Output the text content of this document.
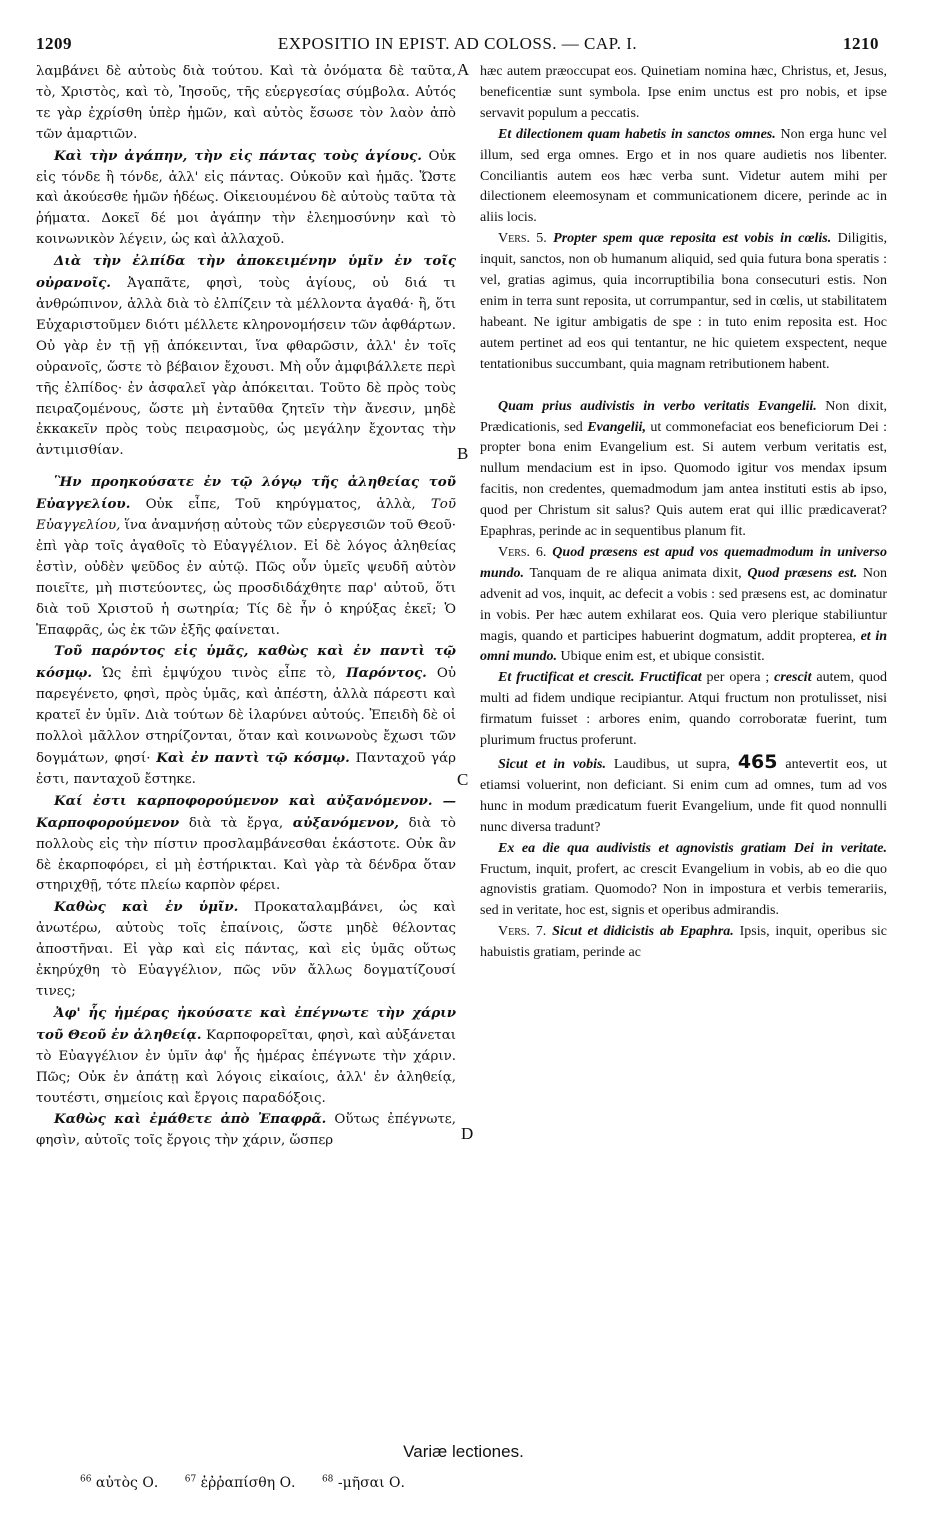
1209	EXPOSITIO IN EPIST. AD COLOSS. — CAP. I.	1210

λαμβάνει δὲ αὐτοὺς διὰ τούτου. Καὶ τὰ ὀνόματα δὲ ταῦτα, τὸ, Χριστὸς, καὶ τὸ, Ἰησοῦς, τῆς εὐεργεσίας σύμβολα. Αὐτός τε γὰρ ἐχρίσθη ὑπὲρ ἡμῶν, καὶ αὐτὸς ἔσωσε τὸν λαὸν ἀπὸ τῶν ἁμαρτιῶν.

Καὶ τὴν ἀγάπην, τὴν εἰς πάντας τοὺς ἁγίους. Οὐκ εἰς τόνδε ἢ τόνδε, ἀλλ' εἰς πάντας. Οὐκοῦν καὶ ἡμᾶς. Ὥστε καὶ ἀκούεσθε ἡμῶν ἡδέως. Οἰκειουμένου δὲ αὐτοὺς ταῦτα τὰ ῥήματα. Δοκεῖ δέ μοι ἀγάπην τὴν ἐλεημοσύνην καὶ τὸ κοινωνικὸν λέγειν, ὡς καὶ ἀλλαχοῦ.

Διὰ τὴν ἐλπίδα τὴν ἀποκειμένην ὑμῖν ἐν τοῖς οὐρανοῖς. Ἀγαπᾶτε, φησὶ, τοὺς ἁγίους, οὐ διά τι ἀνθρώπινον, ἀλλὰ διὰ τὸ ἐλπίζειν τὰ μέλλοντα ἀγαθά· ἢ, ὅτι Εὐχαριστοῦμεν διότι μέλλετε κληρονομήσειν τῶν ἀφθάρτων. Οὐ γὰρ ἐν τῇ γῇ ἀπόκεινται, ἵνα φθαρῶσιν, ἀλλ' ἐν τοῖς οὐρανοῖς, ὥστε τὸ βέβαιον ἔχουσι. Μὴ οὖν ἀμφιβάλλετε περὶ τῆς ἐλπίδος· ἐν ἀσφαλεῖ γὰρ ἀπόκειται. Τοῦτο δὲ πρὸς τοὺς πειραζομένους, ὥστε μὴ ἐνταῦθα ζητεῖν τὴν ἄνεσιν, μηδὲ ἐκκακεῖν πρὸς τοὺς πειρασμοὺς, ὡς μεγάλην ἔχοντας τὴν ἀντιμισθίαν.

Ἣν προηκούσατε ἐν τῷ λόγῳ τῆς ἀληθείας τοῦ Εὐαγγελίου. Οὐκ εἶπε, Τοῦ κηρύγματος, ἀλλὰ, Τοῦ Εὐαγγελίου, ἵνα ἀναμνήσῃ αὐτοὺς τῶν εὐεργεσιῶν τοῦ Θεοῦ· ἐπὶ γὰρ τοῖς ἀγαθοῖς τὸ Εὐαγγέλιον. Εἰ δὲ λόγος ἀληθείας ἐστὶν, οὐδὲν ψεῦδος ἐν αὐτῷ. Πῶς οὖν ὑμεῖς ψευδῆ αὐτὸν ποιεῖτε, μὴ πιστεύοντες, ὡς προσδιδάχθητε παρ' αὐτοῦ, ὅτι διὰ τοῦ Χριστοῦ ἡ σωτηρία; Τίς δὲ ἦν ὁ κηρύξας ἐκεῖ; Ὁ Ἐπαφρᾶς, ὡς ἐκ τῶν ἑξῆς φαίνεται.

Τοῦ παρόντος εἰς ὑμᾶς, καθὼς καὶ ἐν παντὶ τῷ κόσμῳ. Ὡς ἐπὶ ἐμψύχου τινὸς εἶπε τὸ, Παρόντος. Οὐ παρεγένετο, φησὶ, πρὸς ὑμᾶς, καὶ ἀπέστη, ἀλλὰ πάρεστι καὶ κρατεῖ ἐν ὑμῖν. Διὰ τούτων δὲ ἱλαρύνει αὐτούς. Ἐπειδὴ δὲ οἱ πολλοὶ μᾶλλον στηρίζονται, ὅταν καὶ κοινωνοὺς ἔχωσι τῶν δογμάτων, φησί· Καὶ ἐν παντὶ τῷ κόσμῳ. Πανταχοῦ γάρ ἐστι, πανταχοῦ ἔστηκε.

Καί ἐστι καρποφορούμενον καὶ αὐξανόμενον. —Καρποφορούμενον διὰ τὰ ἔργα, αὐξανόμενον, διὰ τὸ πολλοὺς εἰς τὴν πίστιν προσλαμβάνεσθαι ἑκάστοτε. Οὐκ ἂν δὲ ἐκαρποφόρει, εἰ μὴ ἐστήρικται. Καὶ γὰρ τὰ δένδρα ὅταν στηριχθῇ, τότε πλείω καρπὸν φέρει.

Καθὼς καὶ ἐν ὑμῖν. Προκαταλαμβάνει, ὡς καὶ ἀνωτέρω, αὐτοὺς τοῖς ἐπαίνοις, ὥστε μηδὲ θέλοντας ἀποστῆναι. Εἰ γὰρ καὶ εἰς πάντας, καὶ εἰς ὑμᾶς οὕτως ἐκηρύχθη τὸ Εὐαγγέλιον, πῶς νῦν ἄλλως δογματίζουσί τινες;

Ἀφ' ἧς ἡμέρας ἠκούσατε καὶ ἐπέγνωτε τὴν χάριν τοῦ Θεοῦ ἐν ἀληθείᾳ. Καρποφορεῖται, φησὶ, καὶ αὐξάνεται τὸ Εὐαγγέλιον ἐν ὑμῖν ἀφ' ἧς ἡμέρας ἐπέγνωτε τὴν χάριν. Πῶς; Οὐκ ἐν ἀπάτῃ καὶ λόγοις εἰκαίοις, ἀλλ' ἐν ἀληθείᾳ, τουτέστι, σημείοις καὶ ἔργοις παραδόξοις.

Καθὼς καὶ ἐμάθετε ἀπὸ Ἐπαφρᾶ. Οὕτως ἐπέγνωτε, φησὶν, αὐτοῖς τοῖς ἔργοις τὴν χάριν, ὥσπερ

A
B
C
D

hæc autem præoccupat eos. Quinetiam nomina hæc, Christus, et, Jesus, beneficentiæ sunt symbola. Ipse enim unctus est pro nobis, et ipse servavit populum a peccatis.

Et dilectionem quam habetis in sanctos omnes. Non erga hunc vel illum, sed erga omnes. Ergo et in nos quare audietis nos libenter. Conciliantis autem eos hæc verba sunt. Videtur autem mihi per dilectionem eleemosynam et communicationem dicere, perinde ac in aliis locis.

Vers. 5. Propter spem quæ reposita est vobis in cœlis. Diligitis, inquit, sanctos, non ob humanum aliquid, sed quia futura bona speratis : vel, gratias agimus, quia incorruptibilia bona consecuturi estis. Non enim in terra sunt reposita, ut corrumpantur, sed in cœlis, ut stabilitatem habeant. Ne igitur ambigatis de spe : in tuto enim reposita est. Hoc autem pertinet ad eos qui tentantur, ne hic quietem exspectent, neque tentationibus succumbant, quia magnam retributionem habent.

Quam prius audivistis in verbo veritatis Evangelii. Non dixit, Prædicationis, sed Evangelii, ut commonefaciat eos beneficiorum Dei : propter bona enim Evangelium est. Si autem verbum veritatis est, nullum mendacium est in ipso. Quomodo igitur vos mendax ipsum facitis, non credentes, quemadmodum jam antea instituti estis ab ipso, quod per Christum sit salus? Quis autem erat qui illic prædicaverat? Epaphras, perinde ac in sequentibus planum fit.

Vers. 6. Quod præsens est apud vos quemadmodum in universo mundo. Tanquam de re aliqua animata dixit, Quod præsens est. Non advenit ad vos, inquit, ac defecit a vobis : sed præsens est, ac dominatur in vobis. Per hæc autem exhilarat eos. Quia vero plerique stabiliuntur magis, quando et participes habuerint dogmatum, addit propterea, et in omni mundo. Ubique enim est, et ubique consistit.

Et fructificat et crescit. Fructificat per opera ; crescit autem, quod multi ad fidem undique recipiantur. Atqui fructum non protulisset, nisi firmatum fuisset : arbores enim, quando corroboratæ fuerint, tum plurimum fructus proferunt.

Sicut et in vobis. Laudibus, ut supra, 465 antevertit eos, ut etiamsi voluerint, non deficiant. Si enim cum ad omnes, tum ad vos hunc in modum prædicatum fuerit Evangelium, unde fit quod nonnulli nunc diversa tradunt?

Ex ea die qua audivistis et agnovistis gratiam Dei in veritate. Fructum, inquit, profert, ac crescit Evangelium in vobis, ab eo die quo agnovistis gratiam. Quomodo? Non in impostura et verbis temerariis, sed in veritate, hoc est, signis et operibus admirandis.

Vers. 7. Sicut et didicistis ab Epaphra. Ipsis, inquit, operibus sic habuistis gratiam, perinde ac

Variæ lectiones.
$^{66}$ αὐτὸς Ο.	$^{67}$ ἐῤῥαπίσθη Ο.	$^{68}$ -μῆσαι Ο.
